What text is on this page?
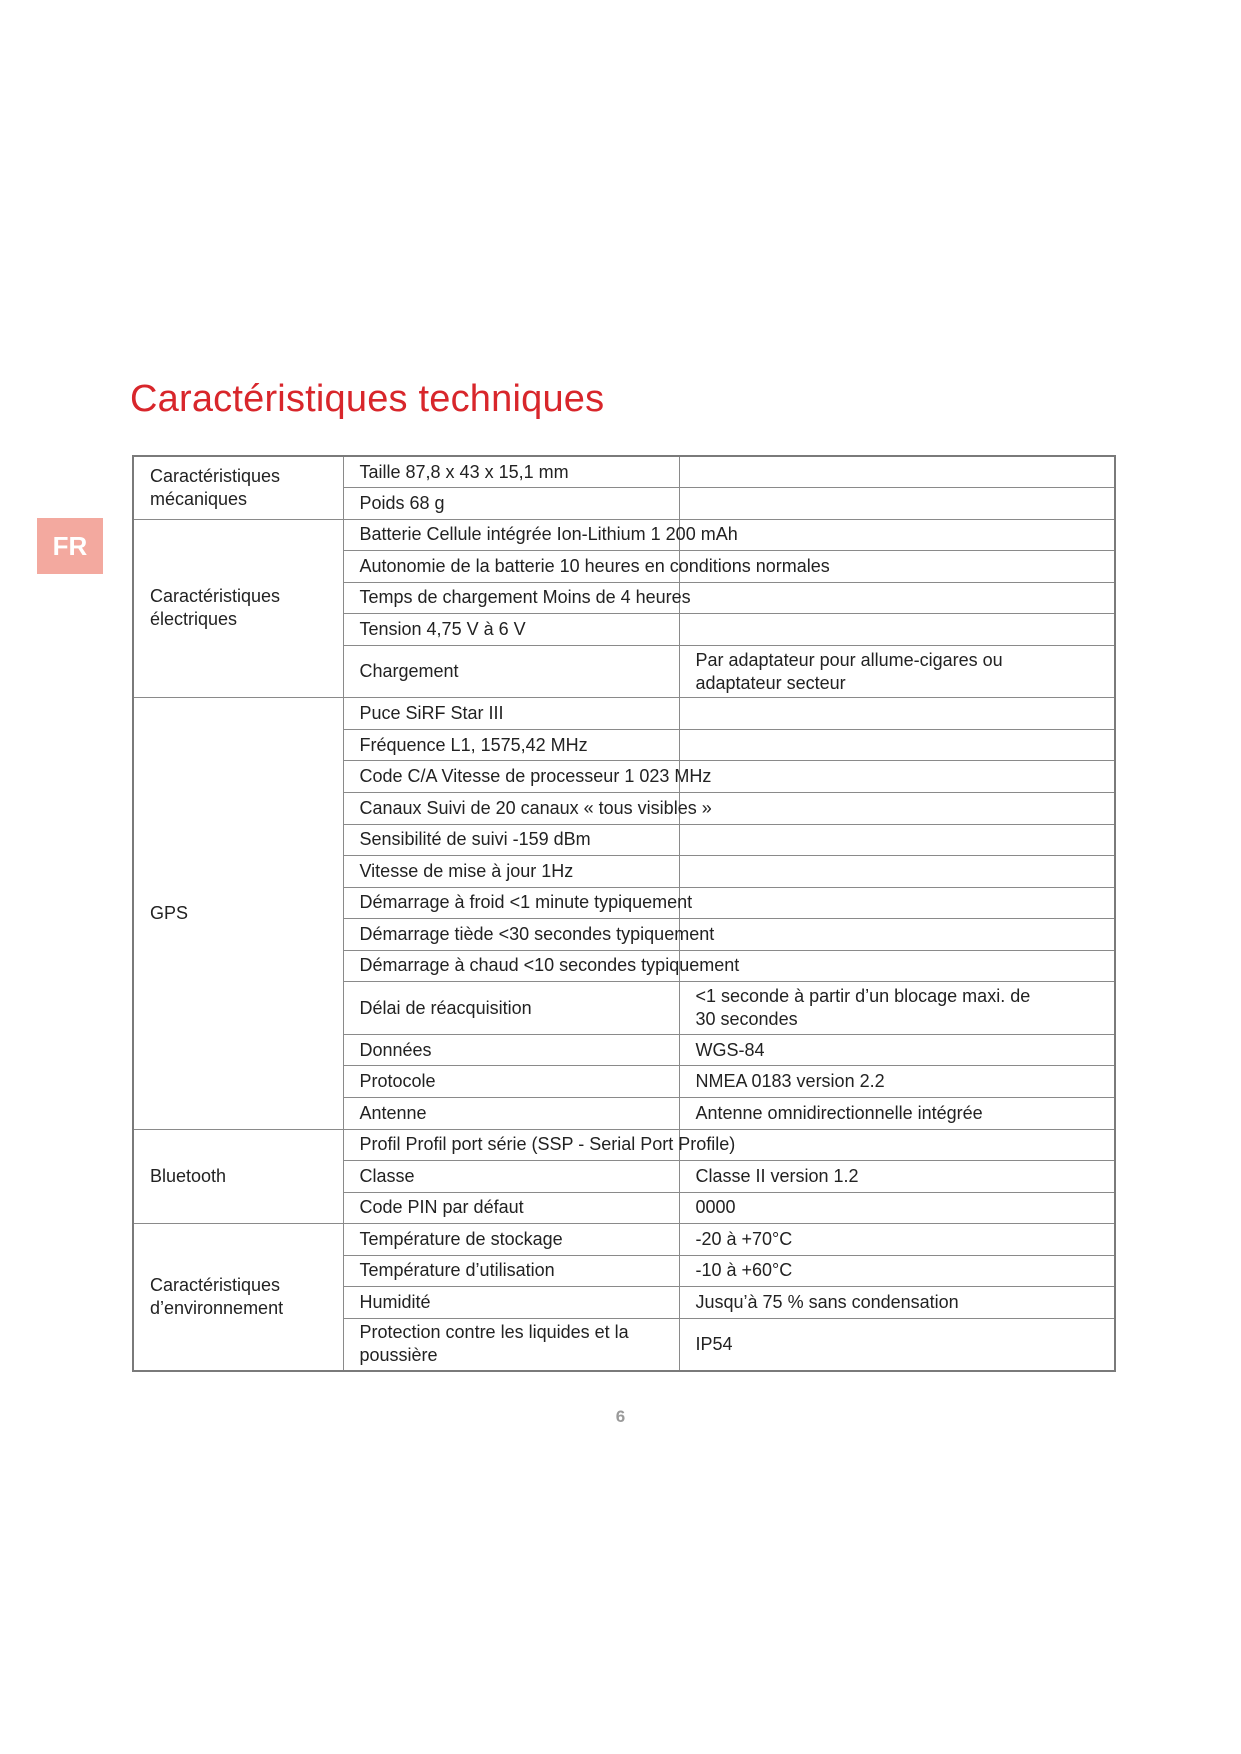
FR
Caractéristiques techniques
Caractéristiques
mécaniques	Taille 87,8 x 43 x 15,1 mm	
	Poids 68 g	
Caractéristiques
électriques	Batterie Cellule intégrée Ion-Lithium 1 200 mAh	
	Autonomie de la batterie 10 heures en conditions normales	
	Temps de chargement Moins de 4 heures	
	Tension 4,75 V à 6 V	
	Chargement	Par adaptateur pour allume-cigares ou
adaptateur secteur
GPS	Puce SiRF Star III	
	Fréquence L1, 1575,42 MHz	
	Code C/A Vitesse de processeur 1 023 MHz	
	Canaux Suivi de 20 canaux « tous visibles »	
	Sensibilité de suivi -159 dBm	
	Vitesse de mise à jour 1Hz	
	Démarrage à froid <1 minute typiquement	
	Démarrage tiède <30 secondes typiquement	
	Démarrage à chaud <10 secondes typiquement	
	Délai de réacquisition	<1 seconde à partir d’un blocage maxi. de
30 secondes
	Données	WGS-84
	Protocole	NMEA 0183 version 2.2
	Antenne	Antenne omnidirectionnelle intégrée
Bluetooth	Profil Profil port série (SSP - Serial Port Profile)	
	Classe	Classe II version 1.2
	Code PIN par défaut	0000
Caractéristiques
d’environnement	Température de stockage	-20 à +70°C
	Température d’utilisation	-10 à +60°C
	Humidité	Jusqu’à 75 % sans condensation
	Protection contre les liquides et la
poussière	IP54
6
